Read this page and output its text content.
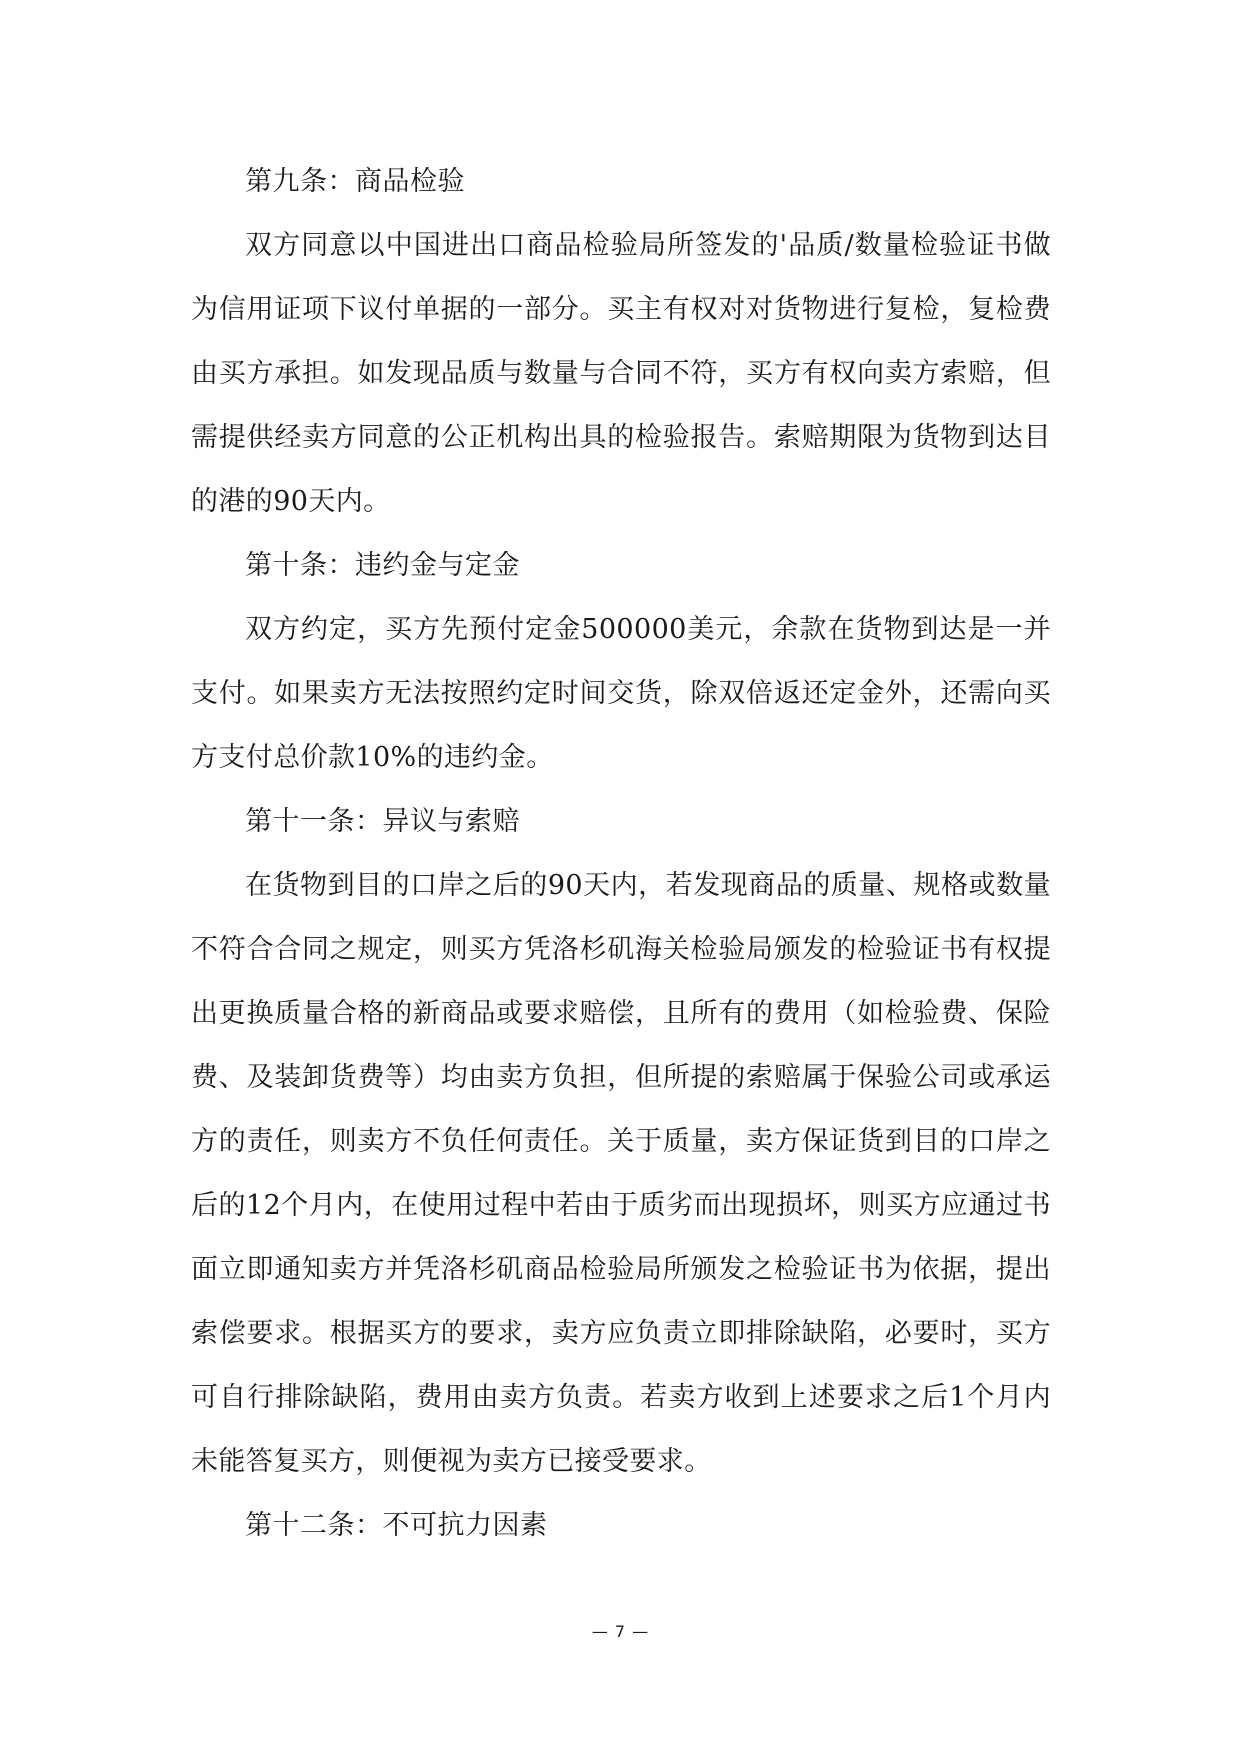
第九条：商品检验

双方同意以中国进出口商品检验局所签发的'品质/数量检验证书做为信用证项下议付单据的一部分。买主有权对对货物进行复检，复检费由买方承担。如发现品质与数量与合同不符，买方有权向卖方索赔，但需提供经卖方同意的公正机构出具的检验报告。索赔期限为货物到达目的港的90天内。

第十条：违约金与定金

双方约定，买方先预付定金500000美元，余款在货物到达是一并支付。如果卖方无法按照约定时间交货，除双倍返还定金外，还需向买方支付总价款10%的违约金。

第十一条：异议与索赔

在货物到目的口岸之后的90天内，若发现商品的质量、规格或数量不符合合同之规定，则买方凭洛杉矶海关检验局颁发的检验证书有权提出更换质量合格的新商品或要求赔偿，且所有的费用（如检验费、保险费、及装卸货费等）均由卖方负担，但所提的索赔属于保验公司或承运方的责任，则卖方不负任何责任。关于质量，卖方保证货到目的口岸之后的12个月内，在使用过程中若由于质劣而出现损坏，则买方应通过书面立即通知卖方并凭洛杉矶商品检验局所颁发之检验证书为依据，提出索偿要求。根据买方的要求，卖方应负责立即排除缺陷，必要时，买方可自行排除缺陷，费用由卖方负责。若卖方收到上述要求之后1个月内未能答复买方，则便视为卖方已接受要求。

第十二条：不可抗力因素
— 7 —
